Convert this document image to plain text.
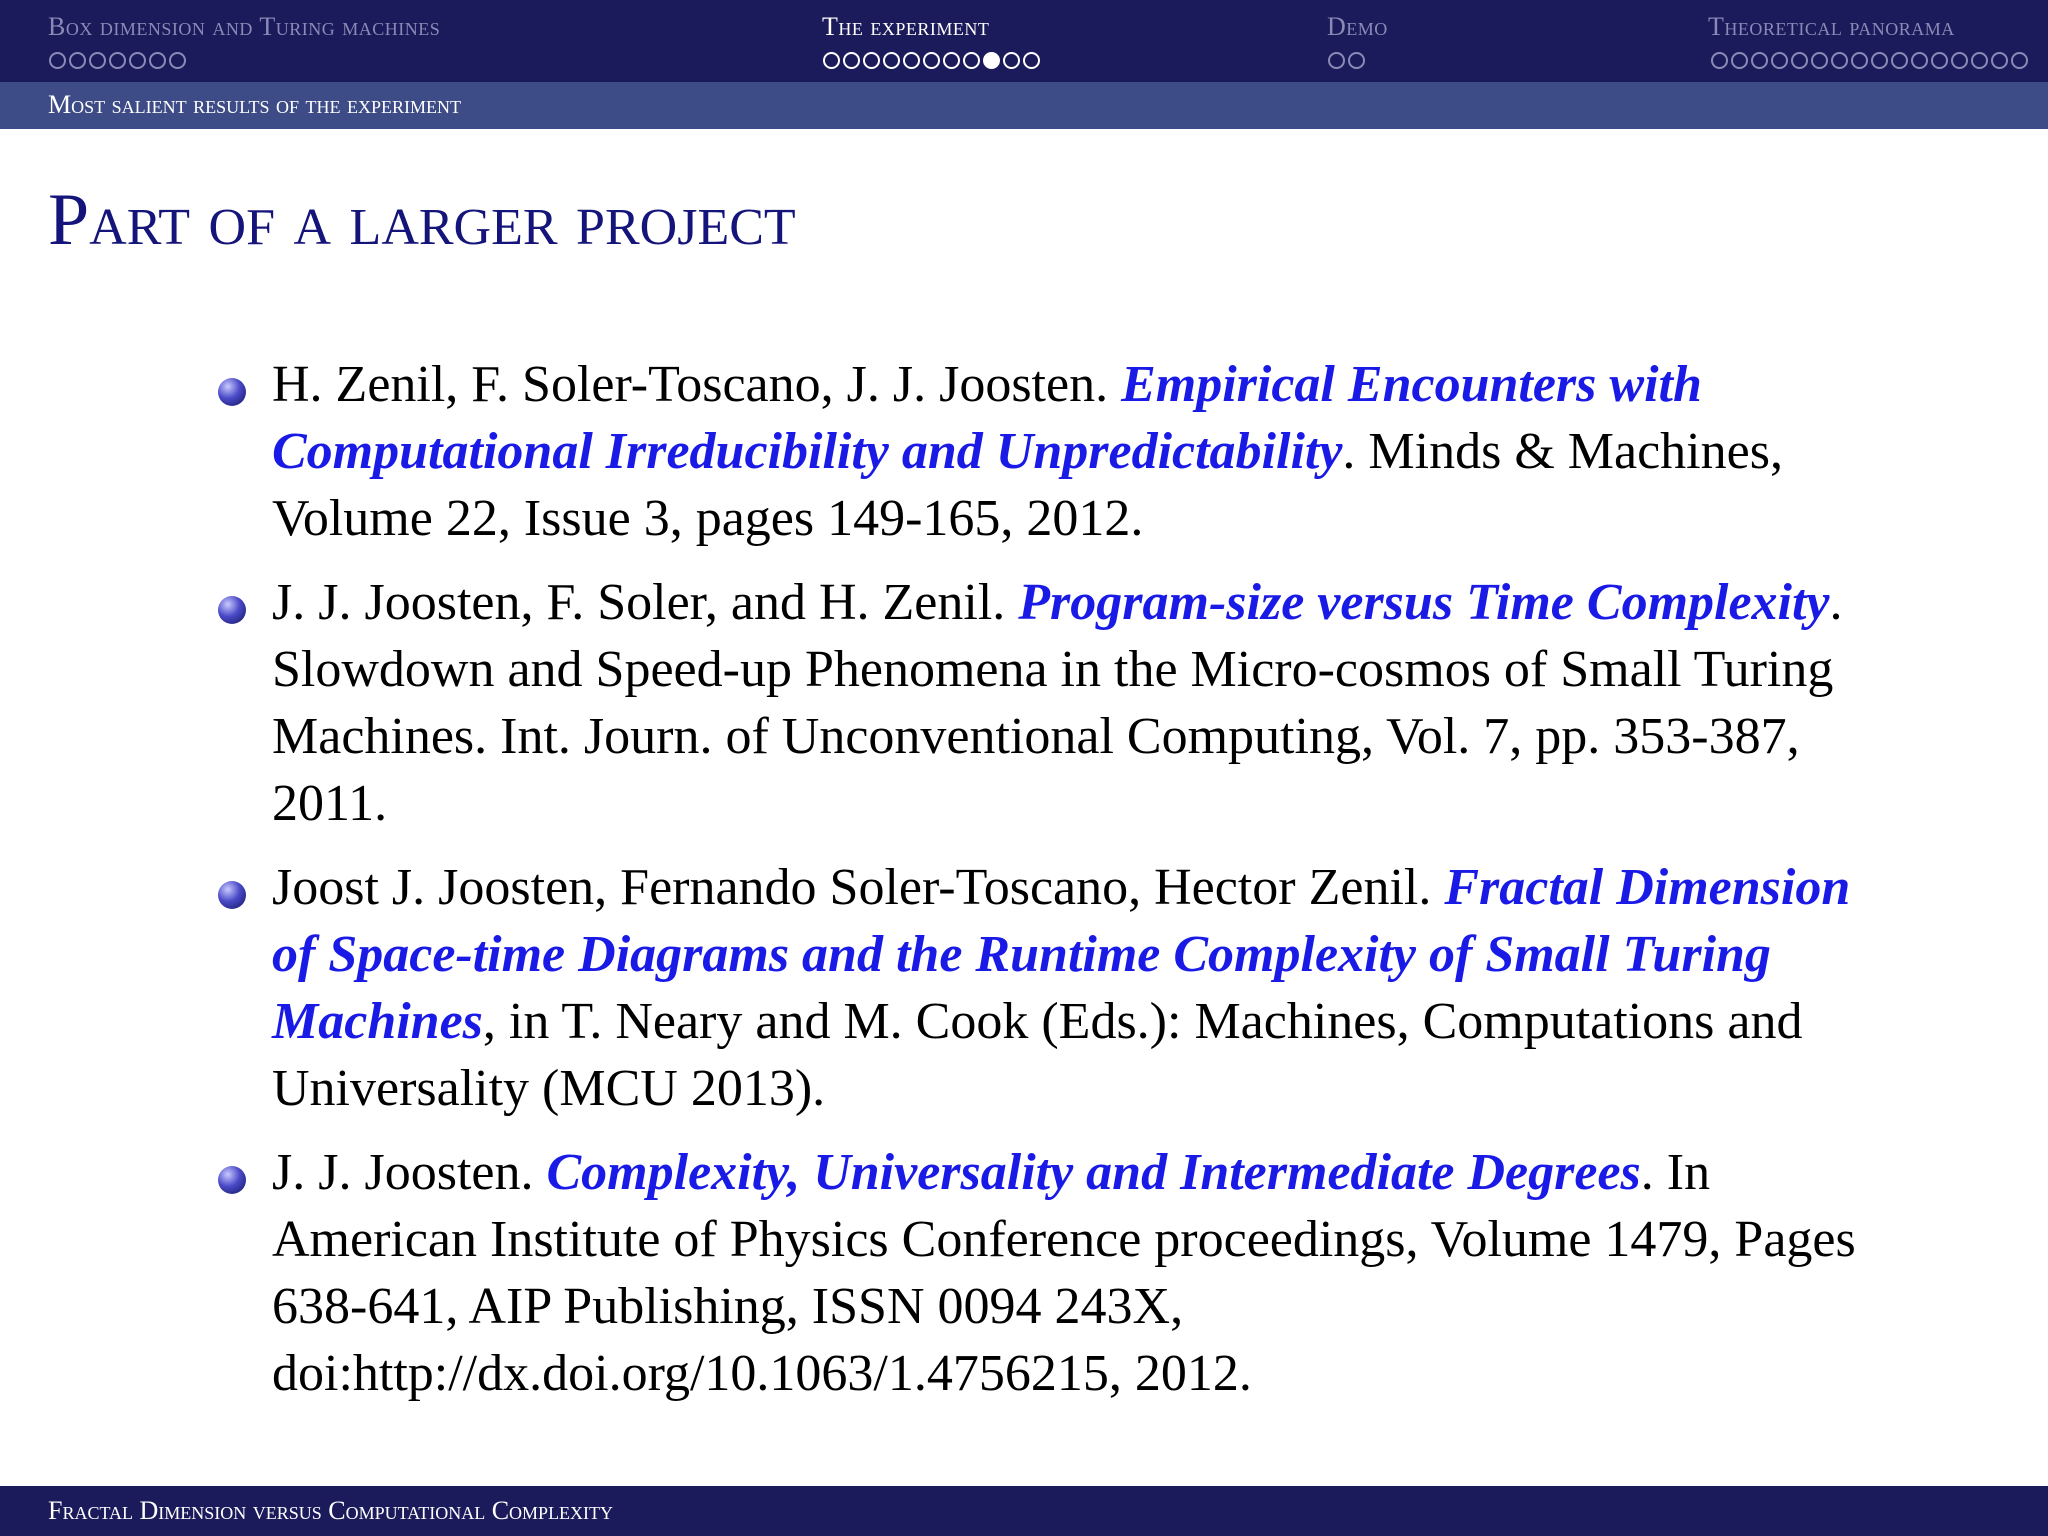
Box dimension and Turing machines	The experiment	Demo	Theoretical panorama
Most salient results of the experiment
Part of a larger project
H. Zenil, F. Soler-Toscano, J. J. Joosten. Empirical Encounters with Computational Irreducibility and Unpredictability. Minds & Machines, Volume 22, Issue 3, pages 149-165, 2012.
J. J. Joosten, F. Soler, and H. Zenil. Program-size versus Time Complexity. Slowdown and Speed-up Phenomena in the Micro-cosmos of Small Turing Machines. Int. Journ. of Unconventional Computing, Vol. 7, pp. 353-387, 2011.
Joost J. Joosten, Fernando Soler-Toscano, Hector Zenil. Fractal Dimension of Space-time Diagrams and the Runtime Complexity of Small Turing Machines, in T. Neary and M. Cook (Eds.): Machines, Computations and Universality (MCU 2013).
J. J. Joosten. Complexity, Universality and Intermediate Degrees. In American Institute of Physics Conference proceedings, Volume 1479, Pages 638-641, AIP Publishing, ISSN 0094 243X, doi:http://dx.doi.org/10.1063/1.4756215, 2012.
Fractal Dimension versus Computational Complexity
